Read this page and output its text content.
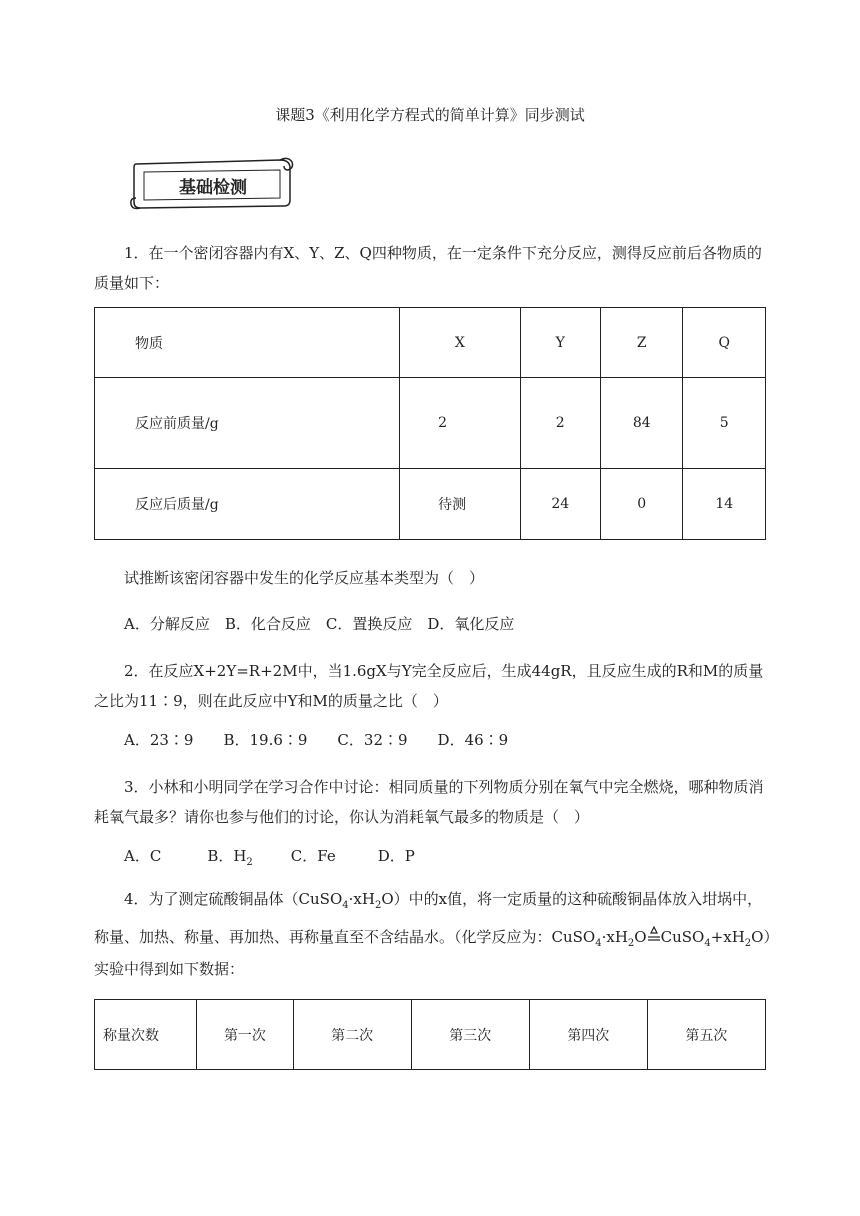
课题3《利用化学方程式的简单计算》同步测试
基础检测
1．在一个密闭容器内有X、Y、Z、Q四种物质，在一定条件下充分反应，测得反应前后各物质的质量如下：
物质	X	Y	Z	Q
反应前质量/g	2	2	84	5
反应后质量/g	待测	24	0	14
试推断该密闭容器中发生的化学反应基本类型为（　）
A．分解反应　B．化合反应　C．置换反应　D．氧化反应
2．在反应X+2Y=R+2M中，当1.6gX与Y完全反应后，生成44gR，且反应生成的R和M的质量之比为11∶9，则在此反应中Y和M的质量之比（　）
A．23∶9　　B．19.6∶9　　C．32∶9　　D．46∶9
3．小林和小明同学在学习合作中讨论：相同质量的下列物质分别在氧气中完全燃烧，哪种物质消耗氧气最多？请你也参与他们的讨论，你认为消耗氧气最多的物质是（　）
A．C	B．$H_2$	C．Fe	D．P
4．为了测定硫酸铜晶体$(CuSO_4\cdot xH_2O)$中的x值，将一定质量的这种硫酸铜晶体放入坩埚中，
称量、加热、称量、再加热、再称量直至不含结晶水。（化学反应为：$CuSO_4\cdot xH_2O$ $CuSO_4+xH_2O$）
实验中得到如下数据：
称量次数	第一次	第二次	第三次	第四次	第五次
